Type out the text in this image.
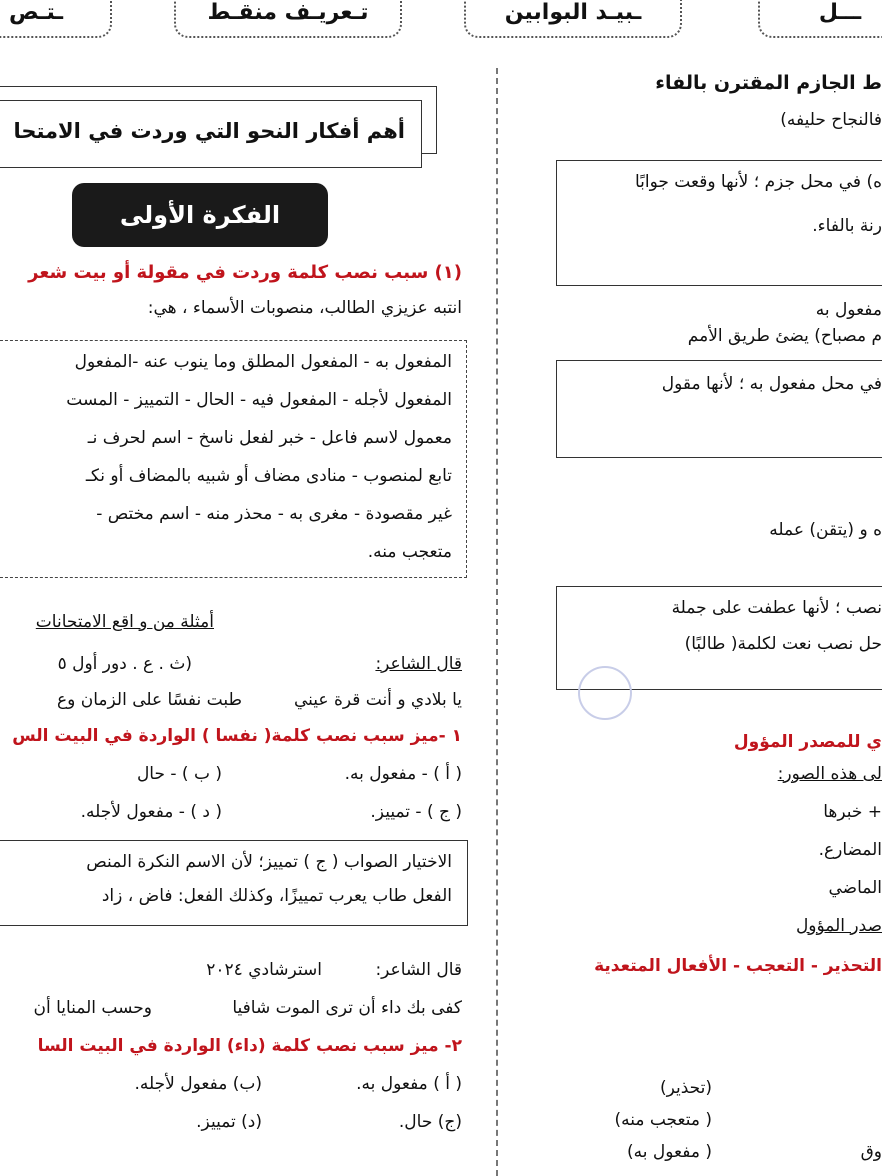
ـــل
ـبيـد البوابين
تـعريـف منقـط
ـتـص
أهم أفكار النحو التي وردت في الامتحا
الفكرة الأولى
(١) سبب نصب كلمة وردت في مقولة أو بيت شعر
انتبه عزيزي الطالب، منصوبات الأسماء ، هي:
المفعول به - المفعول المطلق وما ينوب عنه -المفعول
المفعول لأجله - المفعول فيه - الحال - التمييز - المست
معمول لاسم فاعل - خبر لفعل ناسخ - اسم لحرف نـ
تابع لمنصوب - منادى مضاف أو شبيه بالمضاف أو نكـ
غير مقصودة - مغرى به - محذر منه - اسم مختص -
متعجب منه.
أمثلة من و اقع الامتحانات
قال الشاعر:
(ث . ع . دور أول ٥
يا بلادي و أنت قرة عيني
طبت نفسًا على الزمان وع
١ -ميز سبب نصب كلمة( نفسا ) الواردة في البيت الس
( أ ) - مفعول به.
( ب ) - حال
( ج ) - تمييز.
( د ) - مفعول لأجله.
الاختيار الصواب ( ج ) تمييز؛ لأن الاسم النكرة المنص
الفعل طاب يعرب تمييزًا، وكذلك الفعل: فاض ، زاد
قال الشاعر:
استرشادي ٢٠٢٤
كفى بك داء أن ترى الموت شافيا
وحسب المنايا أن
٢- ميز سبب نصب كلمة (داء) الواردة في البيت السا
( أ ) مفعول به.
(ب) مفعول لأجله.
(ج) حال.
(د) تمييز.
ط الجازم المقترن بالفاء
فالنجاح حليفه)
ه) في محل جزم ؛ لأنها وقعت جوابًا
رنة بالفاء.
مفعول به
م مصباح) يضئ طريق الأمم
في محل مفعول به ؛ لأنها مقول
ه و (يتقن) عمله
نصب ؛ لأنها عطفت على جملة
حل نصب نعت لكلمة( طالبًا)
ي للمصدر المؤول
لى هذه الصور:
+ خبرها
المضارع.
الماضي
صدر المؤول
التحذير - التعجب - الأفعال المتعدية
(تحذير)
( متعجب منه)
( مفعول به)	وق
